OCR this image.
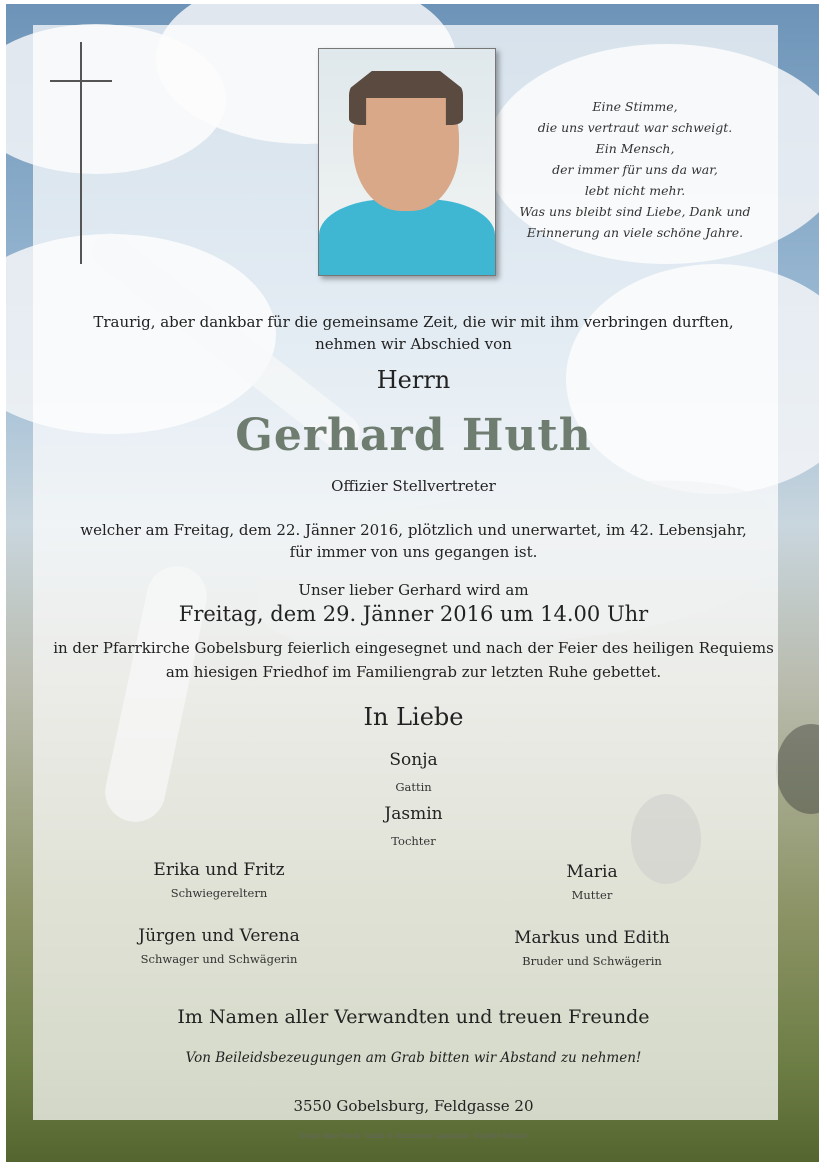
Eine Stimme,
die uns vertraut war schweigt.
Ein Mensch,
der immer für uns da war,
lebt nicht mehr.
Was uns bleibt sind Liebe, Dank und
Erinnerung an viele schöne Jahre.
Traurig, aber dankbar für die gemeinsame Zeit, die wir mit ihm verbringen durften,
nehmen wir Abschied von
Herrn
Gerhard Huth
Offizier Stellvertreter
welcher am Freitag, dem 22. Jänner 2016, plötzlich und unerwartet, im 42. Lebensjahr,
für immer von uns gegangen ist.
Unser lieber Gerhard wird am
Freitag, dem 29. Jänner 2016 um 14.00 Uhr
in der Pfarrkirche Gobelsburg feierlich eingesegnet und nach der Feier des heiligen Requiems
am hiesigen Friedhof im Familiengrab zur letzten Ruhe gebettet.
In Liebe
Sonja
Gattin
Jasmin
Tochter
Erika und Fritz
Schwiegereltern
Jürgen und Verena
Schwager und Schwägerin
Maria
Mutter
Markus und Edith
Bruder und Schwägerin
Im Namen aller Verwandten und treuen Freunde
Von Beileidsbezeugungen am Grab bitten wir Abstand zu nehmen!
3550 Gobelsburg, Feldgasse 20
Druck: Alber Druck · Grafik- & Druckcenter Langenlois · Zugstätt Bahnhof
